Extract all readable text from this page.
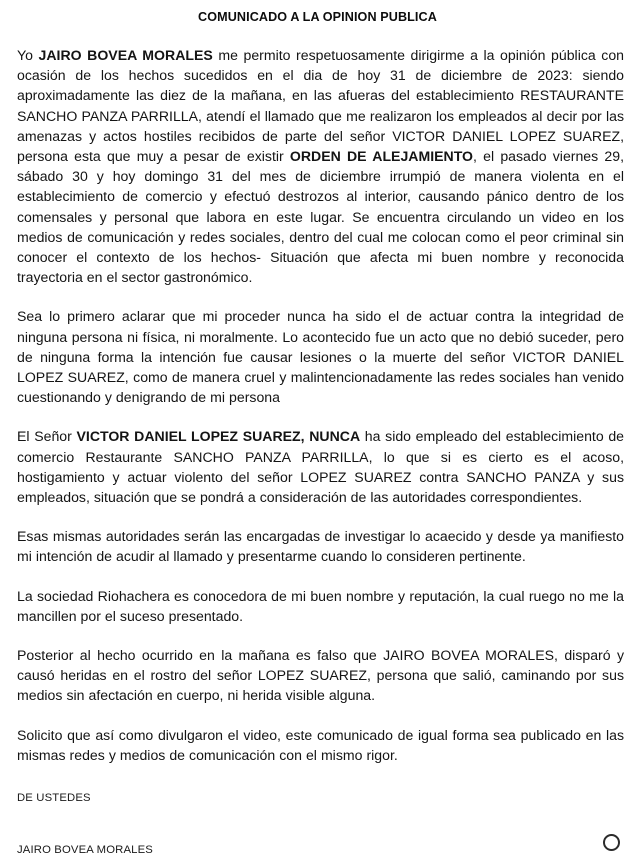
COMUNICADO A LA OPINION PUBLICA

Yo JAIRO BOVEA MORALES me permito respetuosamente dirigirme a la opinión pública con ocasión de los hechos sucedidos en el dia de hoy 31 de diciembre de 2023: siendo aproximadamente las diez de la mañana, en las afueras del establecimiento RESTAURANTE SANCHO PANZA PARRILLA, atendí el llamado que me realizaron los empleados al decir por las amenazas y actos hostiles recibidos de parte del señor VICTOR DANIEL LOPEZ SUAREZ, persona esta que muy a pesar de existir ORDEN DE ALEJAMIENTO, el pasado viernes 29, sábado 30 y hoy domingo 31 del mes de diciembre irrumpió de manera violenta en el establecimiento de comercio y efectuó destrozos al interior, causando pánico dentro de los comensales y personal que labora en este lugar. Se encuentra circulando un video en los medios de comunicación y redes sociales, dentro del cual me colocan como el peor criminal sin conocer el contexto de los hechos- Situación que afecta mi buen nombre y reconocida trayectoria en el sector gastronómico.

Sea lo primero aclarar que mi proceder nunca ha sido el de actuar contra la integridad de ninguna persona ni física, ni moralmente. Lo acontecido fue un acto que no debió suceder, pero de ninguna forma la intención fue causar lesiones o la muerte del señor VICTOR DANIEL LOPEZ SUAREZ, como de manera cruel y malintencionadamente las redes sociales han venido cuestionando y denigrando de mi persona

El Señor VICTOR DANIEL LOPEZ SUAREZ, NUNCA ha sido empleado del establecimiento de comercio Restaurante SANCHO PANZA PARRILLA, lo que si es cierto es el acoso, hostigamiento y actuar violento del señor LOPEZ SUAREZ contra SANCHO PANZA y sus empleados, situación que se pondrá a consideración de las autoridades correspondientes.

Esas mismas autoridades serán las encargadas de investigar lo acaecido y desde ya manifiesto mi intención de acudir al llamado y presentarme cuando lo consideren pertinente.

La sociedad Riohachera es conocedora de mi buen nombre y reputación, la cual ruego no me la mancillen por el suceso presentado.

Posterior al hecho ocurrido en la mañana es falso que JAIRO BOVEA MORALES, disparó y causó heridas en el rostro del señor LOPEZ SUAREZ, persona que salió, caminando por sus medios sin afectación en cuerpo, ni herida visible alguna.

Solicito que así como divulgaron el video, este comunicado de igual forma sea publicado en las mismas redes y medios de comunicación con el mismo rigor.

DE USTEDES

JAIRO BOVEA MORALES
